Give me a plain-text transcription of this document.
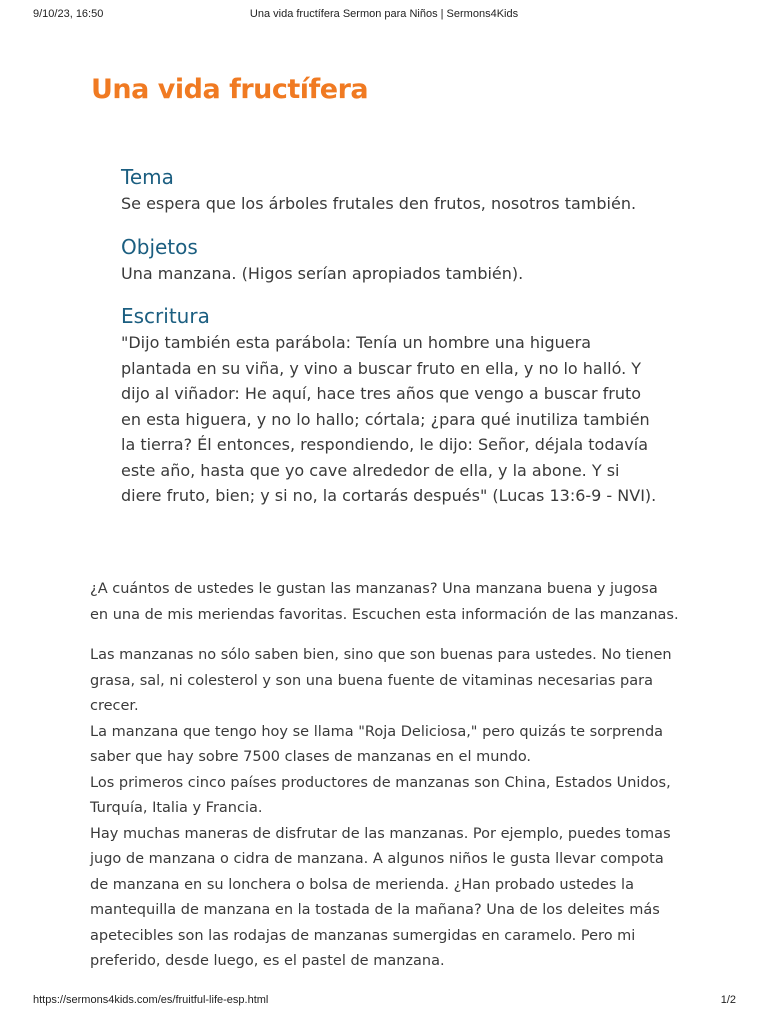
9/10/23, 16:50	Una vida fructífera Sermon para Niños | Sermons4Kids
Una vida fructífera
Tema

Se espera que los árboles frutales den frutos, nosotros también.

Objetos

Una manzana. (Higos serían apropiados también).

Escritura

"Dijo también esta parábola: Tenía un hombre una higuera plantada en su viña, y vino a buscar fruto en ella, y no lo halló. Y dijo al viñador: He aquí, hace tres años que vengo a buscar fruto en esta higuera, y no lo hallo; córtala; ¿para qué inutiliza también la tierra? Él entonces, respondiendo, le dijo: Señor, déjala todavía este año, hasta que yo cave alrededor de ella, y la abone. Y si diere fruto, bien; y si no, la cortarás después" (Lucas 13:6-9 - NVI).

¿A cuántos de ustedes le gustan las manzanas? Una manzana buena y jugosa en una de mis meriendas favoritas. Escuchen esta información de las manzanas.

Las manzanas no sólo saben bien, sino que son buenas para ustedes. No tienen grasa, sal, ni colesterol y son una buena fuente de vitaminas necesarias para crecer.

La manzana que tengo hoy se llama "Roja Deliciosa," pero quizás te sorprenda saber que hay sobre 7500 clases de manzanas en el mundo.

Los primeros cinco países productores de manzanas son China, Estados Unidos, Turquía, Italia y Francia.

Hay muchas maneras de disfrutar de las manzanas. Por ejemplo, puedes tomas jugo de manzana o cidra de manzana. A algunos niños le gusta llevar compota de manzana en su lonchera o bolsa de merienda. ¿Han probado ustedes la mantequilla de manzana en la tostada de la mañana? Una de los deleites más apetecibles son las rodajas de manzanas sumergidas en caramelo. Pero mi preferido, desde luego, es el pastel de manzana.

https://sermons4kids.com/es/fruitful-life-esp.html	1/2
